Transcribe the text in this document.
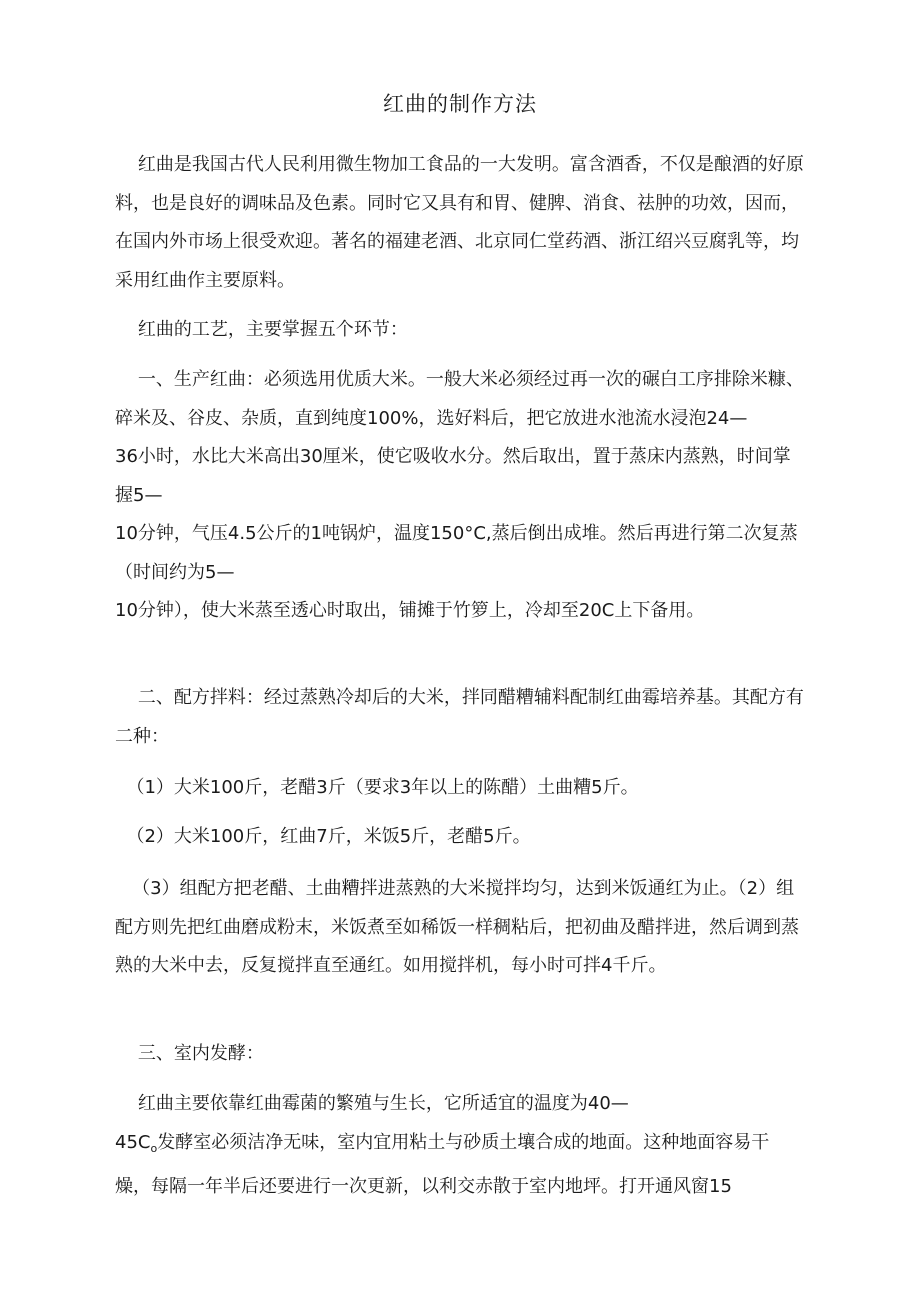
红曲的制作方法
红曲是我国古代人民利用微生物加工食品的一大发明。富含酒香，不仅是酿酒的好原料，也是良好的调味品及色素。同时它又具有和胃、健脾、消食、祛肿的功效，因而，在国内外市场上很受欢迎。著名的福建老酒、北京同仁堂药酒、浙江绍兴豆腐乳等，均采用红曲作主要原料。
红曲的工艺，主要掌握五个环节：
一、生产红曲：必须选用优质大米。一般大米必须经过再一次的碾白工序排除米糠、碎米及、谷皮、杂质，直到纯度100%，选好料后，把它放进水池流水浸泡24—
36小时，水比大米高出30厘米，使它吸收水分。然后取出，置于蒸床内蒸熟，时间掌握5—
10分钟，气压4.5公斤的1吨锅炉，温度150°C,蒸后倒出成堆。然后再进行第二次复蒸（时间约为5—
10分钟），使大米蒸至透心时取出，铺摊于竹箩上，冷却至20C上下备用。
二、配方拌料：经过蒸熟冷却后的大米，拌同醋糟辅料配制红曲霉培养基。其配方有二种：
（1）大米100斤，老醋3斤（要求3年以上的陈醋）土曲糟5斤。
（2）大米100斤，红曲7斤，米饭5斤，老醋5斤。
（3）组配方把老醋、土曲糟拌进蒸熟的大米搅拌均匀，达到米饭通红为止。（2）组配方则先把红曲磨成粉末，米饭煮至如稀饭一样稠粘后，把初曲及醋拌进，然后调到蒸熟的大米中去，反复搅拌直至通红。如用搅拌机，每小时可拌4千斤。
三、室内发酵：
红曲主要依靠红曲霉菌的繁殖与生长，它所适宜的温度为40—
$45C_o$发酵室必须洁净无味，室内宜用粘土与砂质土壤合成的地面。这种地面容易干燥，每隔一年半后还要进行一次更新，以利交赤散于室内地坪。打开通风窗15
